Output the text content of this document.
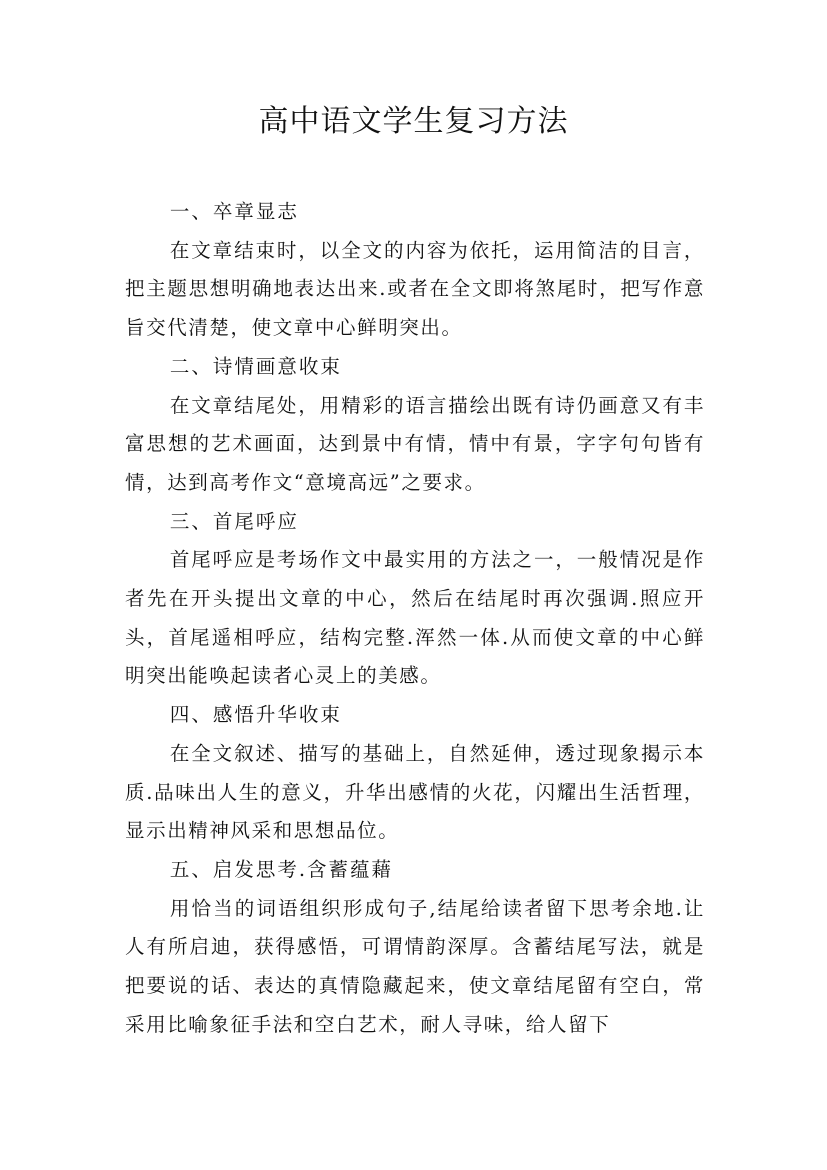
高中语文学生复习方法

一、卒章显志

在文章结束时，以全文的内容为依托，运用简洁的目言，把主题思想明确地表达出来.或者在全文即将煞尾时，把写作意旨交代清楚，使文章中心鲜明突出。

二、诗情画意收束

在文章结尾处，用精彩的语言描绘出既有诗仍画意又有丰富思想的艺术画面，达到景中有情，情中有景，字字句句皆有情，达到高考作文“意境高远”之要求。

三、首尾呼应

首尾呼应是考场作文中最实用的方法之一，一般情况是作者先在开头提出文章的中心，然后在结尾时再次强调.照应开头，首尾遥相呼应，结构完整.浑然一体.从而使文章的中心鲜明突出能唤起读者心灵上的美感。

四、感悟升华收束

在全文叙述、描写的基础上，自然延伸，透过现象揭示本质.品味出人生的意义，升华出感情的火花，闪耀出生活哲理，显示出精神风采和思想品位。

五、启发思考.含蓄蕴藉

用恰当的词语组织形成句子,结尾给读者留下思考余地.让人有所启迪，获得感悟，可谓情韵深厚。含蓄结尾写法，就是把要说的话、表达的真情隐藏起来，使文章结尾留有空白，常采用比喻象征手法和空白艺术，耐人寻味，给人留下
